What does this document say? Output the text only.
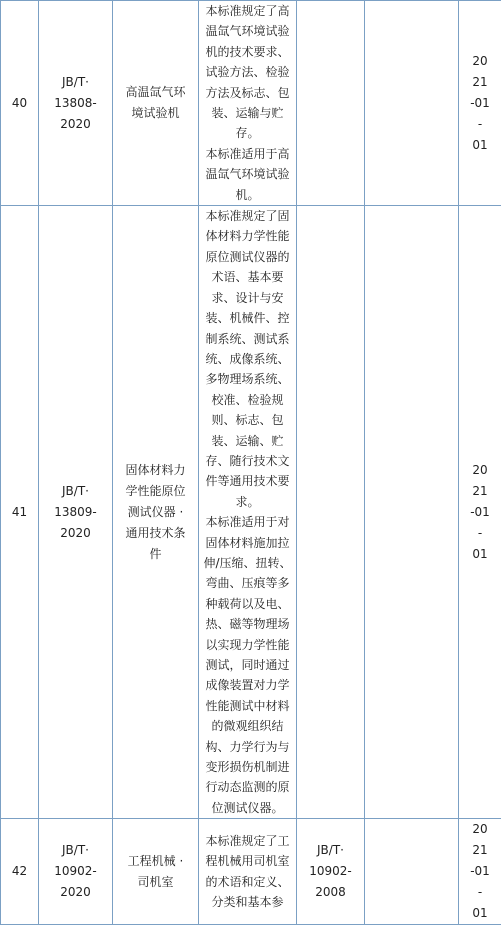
40	JB/T·
13808-
2020	高温氙气环
境试验机	本标准规定了高温氙气环境试验机的技术要求、试验方法、检验方法及标志、包装、运输与贮存。
本标准适用于高温氙气环境试验机。			2021
-01-
01
41	JB/T·
13809-
2020	固体材料力
学性能原位
测试仪器 ·
通用技术条
件	本标准规定了固体材料力学性能原位测试仪器的术语、基本要求、设计与安装、机械件、控制系统、测试系统、成像系统、多物理场系统、校准、检验规则、标志、包装、运输、贮存、随行技术文件等通用技术要求。
本标准适用于对固体材料施加拉伸/压缩、扭转、弯曲、压痕等多种载荷以及电、热、磁等物理场以实现力学性能测试，同时通过成像装置对力学性能测试中材料的微观组织结构、力学行为与变形损伤机制进行动态监测的原位测试仪器。			2021
-01-
01
42	JB/T·
10902-
2020	工程机械 ·
司机室	本标准规定了工程机械用司机室的术语和定义、分类和基本参	JB/T·
10902-
2008		2021
-01-
01
